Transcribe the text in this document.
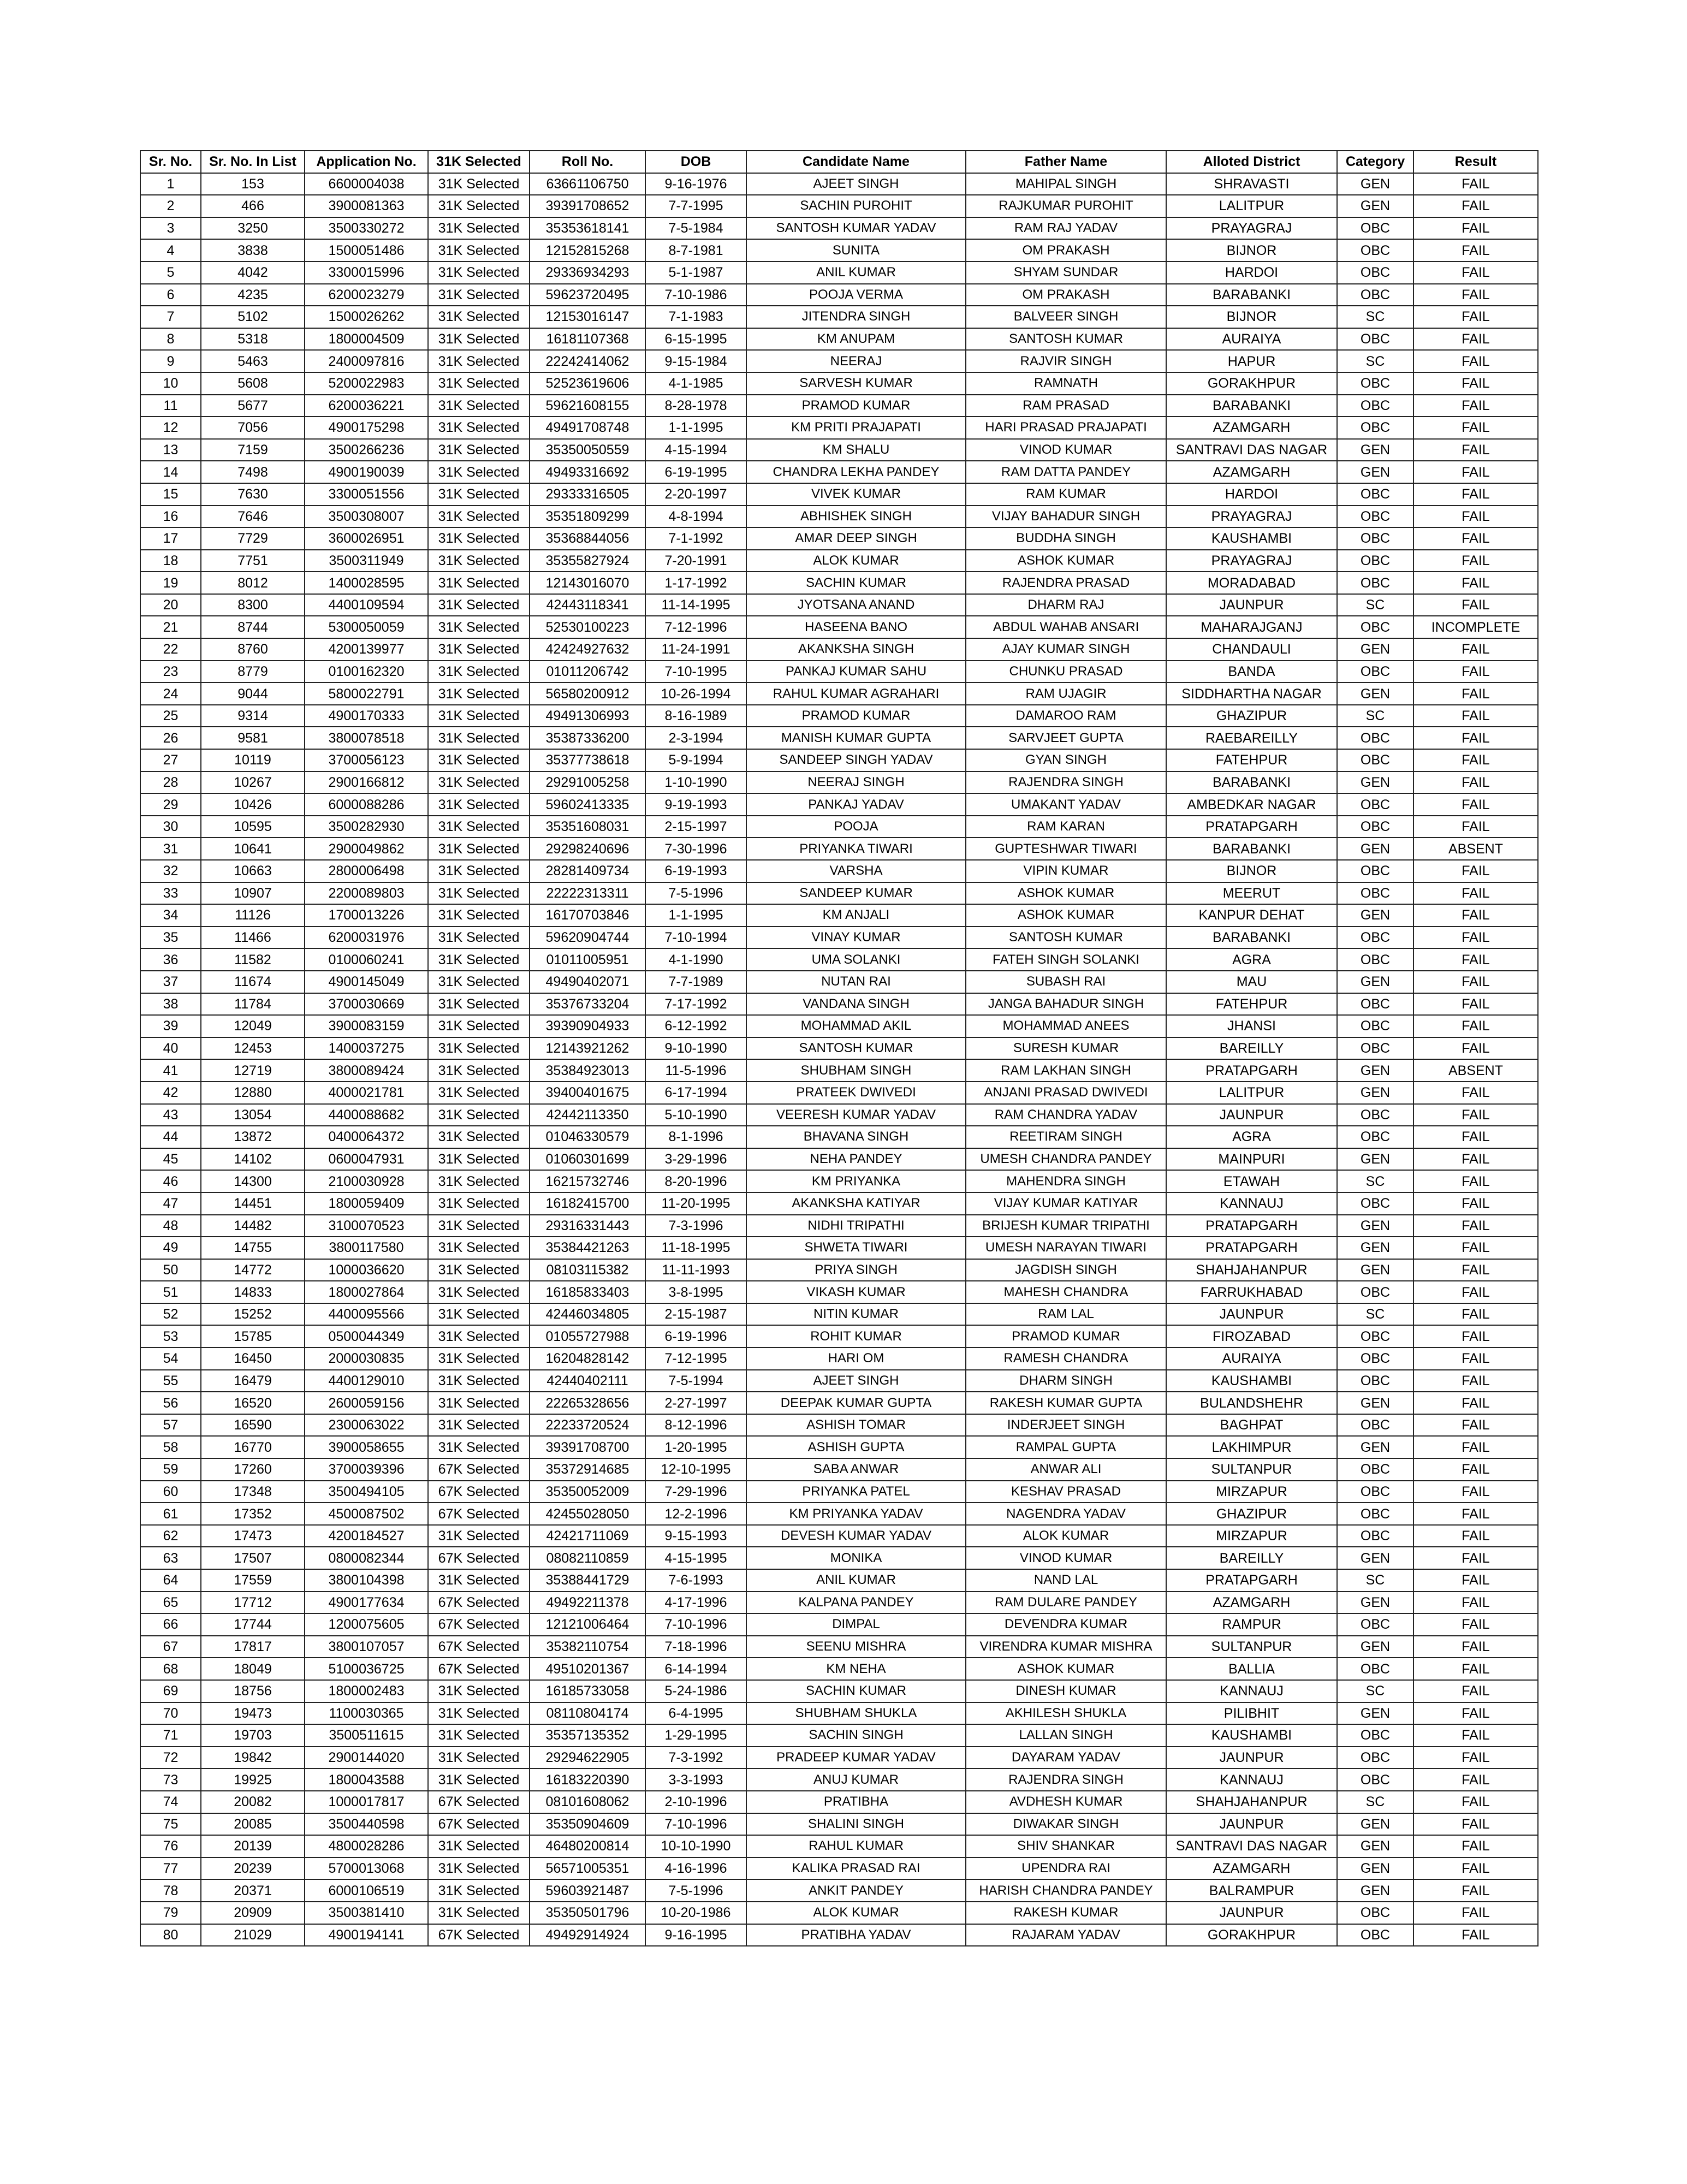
Sr. No.	Sr. No. In List	Application No.	31K Selected	Roll No.	DOB	Candidate Name	Father Name	Alloted District	Category	Result
1	153	6600004038	31K Selected	63661106750	9-16-1976	AJEET SINGH	MAHIPAL SINGH	SHRAVASTI	GEN	FAIL
2	466	3900081363	31K Selected	39391708652	7-7-1995	SACHIN PUROHIT	RAJKUMAR PUROHIT	LALITPUR	GEN	FAIL
3	3250	3500330272	31K Selected	35353618141	7-5-1984	SANTOSH KUMAR YADAV	RAM RAJ YADAV	PRAYAGRAJ	OBC	FAIL
4	3838	1500051486	31K Selected	12152815268	8-7-1981	SUNITA	OM PRAKASH	BIJNOR	OBC	FAIL
5	4042	3300015996	31K Selected	29336934293	5-1-1987	ANIL KUMAR	SHYAM SUNDAR	HARDOI	OBC	FAIL
6	4235	6200023279	31K Selected	59623720495	7-10-1986	POOJA VERMA	OM PRAKASH	BARABANKI	OBC	FAIL
7	5102	1500026262	31K Selected	12153016147	7-1-1983	JITENDRA SINGH	BALVEER SINGH	BIJNOR	SC	FAIL
8	5318	1800004509	31K Selected	16181107368	6-15-1995	KM ANUPAM	SANTOSH KUMAR	AURAIYA	OBC	FAIL
9	5463	2400097816	31K Selected	22242414062	9-15-1984	NEERAJ	RAJVIR SINGH	HAPUR	SC	FAIL
10	5608	5200022983	31K Selected	52523619606	4-1-1985	SARVESH KUMAR	RAMNATH	GORAKHPUR	OBC	FAIL
11	5677	6200036221	31K Selected	59621608155	8-28-1978	PRAMOD KUMAR	RAM PRASAD	BARABANKI	OBC	FAIL
12	7056	4900175298	31K Selected	49491708748	1-1-1995	KM PRITI PRAJAPATI	HARI PRASAD PRAJAPATI	AZAMGARH	OBC	FAIL
13	7159	3500266236	31K Selected	35350050559	4-15-1994	KM SHALU	VINOD KUMAR	SANTRAVI DAS NAGAR	GEN	FAIL
14	7498	4900190039	31K Selected	49493316692	6-19-1995	CHANDRA LEKHA PANDEY	RAM DATTA PANDEY	AZAMGARH	GEN	FAIL
15	7630	3300051556	31K Selected	29333316505	2-20-1997	VIVEK KUMAR	RAM KUMAR	HARDOI	OBC	FAIL
16	7646	3500308007	31K Selected	35351809299	4-8-1994	ABHISHEK SINGH	VIJAY BAHADUR SINGH	PRAYAGRAJ	OBC	FAIL
17	7729	3600026951	31K Selected	35368844056	7-1-1992	AMAR DEEP SINGH	BUDDHA SINGH	KAUSHAMBI	OBC	FAIL
18	7751	3500311949	31K Selected	35355827924	7-20-1991	ALOK KUMAR	ASHOK KUMAR	PRAYAGRAJ	OBC	FAIL
19	8012	1400028595	31K Selected	12143016070	1-17-1992	SACHIN KUMAR	RAJENDRA PRASAD	MORADABAD	OBC	FAIL
20	8300	4400109594	31K Selected	42443118341	11-14-1995	JYOTSANA ANAND	DHARM RAJ	JAUNPUR	SC	FAIL
21	8744	5300050059	31K Selected	52530100223	7-12-1996	HASEENA BANO	ABDUL WAHAB ANSARI	MAHARAJGANJ	OBC	INCOMPLETE
22	8760	4200139977	31K Selected	42424927632	11-24-1991	AKANKSHA SINGH	AJAY KUMAR SINGH	CHANDAULI	GEN	FAIL
23	8779	0100162320	31K Selected	01011206742	7-10-1995	PANKAJ KUMAR SAHU	CHUNKU PRASAD	BANDA	OBC	FAIL
24	9044	5800022791	31K Selected	56580200912	10-26-1994	RAHUL KUMAR AGRAHARI	RAM UJAGIR	SIDDHARTHA NAGAR	GEN	FAIL
25	9314	4900170333	31K Selected	49491306993	8-16-1989	PRAMOD KUMAR	DAMAROO RAM	GHAZIPUR	SC	FAIL
26	9581	3800078518	31K Selected	35387336200	2-3-1994	MANISH KUMAR GUPTA	SARVJEET GUPTA	RAEBAREILLY	OBC	FAIL
27	10119	3700056123	31K Selected	35377738618	5-9-1994	SANDEEP SINGH YADAV	GYAN SINGH	FATEHPUR	OBC	FAIL
28	10267	2900166812	31K Selected	29291005258	1-10-1990	NEERAJ SINGH	RAJENDRA SINGH	BARABANKI	GEN	FAIL
29	10426	6000088286	31K Selected	59602413335	9-19-1993	PANKAJ YADAV	UMAKANT YADAV	AMBEDKAR NAGAR	OBC	FAIL
30	10595	3500282930	31K Selected	35351608031	2-15-1997	POOJA	RAM KARAN	PRATAPGARH	OBC	FAIL
31	10641	2900049862	31K Selected	29298240696	7-30-1996	PRIYANKA TIWARI	GUPTESHWAR TIWARI	BARABANKI	GEN	ABSENT
32	10663	2800006498	31K Selected	28281409734	6-19-1993	VARSHA	VIPIN KUMAR	BIJNOR	OBC	FAIL
33	10907	2200089803	31K Selected	22222313311	7-5-1996	SANDEEP KUMAR	ASHOK KUMAR	MEERUT	OBC	FAIL
34	11126	1700013226	31K Selected	16170703846	1-1-1995	KM ANJALI	ASHOK KUMAR	KANPUR DEHAT	GEN	FAIL
35	11466	6200031976	31K Selected	59620904744	7-10-1994	VINAY KUMAR	SANTOSH KUMAR	BARABANKI	OBC	FAIL
36	11582	0100060241	31K Selected	01011005951	4-1-1990	UMA SOLANKI	FATEH SINGH SOLANKI	AGRA	OBC	FAIL
37	11674	4900145049	31K Selected	49490402071	7-7-1989	NUTAN RAI	SUBASH RAI	MAU	GEN	FAIL
38	11784	3700030669	31K Selected	35376733204	7-17-1992	VANDANA SINGH	JANGA BAHADUR SINGH	FATEHPUR	OBC	FAIL
39	12049	3900083159	31K Selected	39390904933	6-12-1992	MOHAMMAD AKIL	MOHAMMAD ANEES	JHANSI	OBC	FAIL
40	12453	1400037275	31K Selected	12143921262	9-10-1990	SANTOSH KUMAR	SURESH KUMAR	BAREILLY	OBC	FAIL
41	12719	3800089424	31K Selected	35384923013	11-5-1996	SHUBHAM SINGH	RAM LAKHAN SINGH	PRATAPGARH	GEN	ABSENT
42	12880	4000021781	31K Selected	39400401675	6-17-1994	PRATEEK DWIVEDI	ANJANI PRASAD DWIVEDI	LALITPUR	GEN	FAIL
43	13054	4400088682	31K Selected	42442113350	5-10-1990	VEERESH KUMAR YADAV	RAM CHANDRA YADAV	JAUNPUR	OBC	FAIL
44	13872	0400064372	31K Selected	01046330579	8-1-1996	BHAVANA SINGH	REETIRAM SINGH	AGRA	OBC	FAIL
45	14102	0600047931	31K Selected	01060301699	3-29-1996	NEHA PANDEY	UMESH CHANDRA PANDEY	MAINPURI	GEN	FAIL
46	14300	2100030928	31K Selected	16215732746	8-20-1996	KM PRIYANKA	MAHENDRA SINGH	ETAWAH	SC	FAIL
47	14451	1800059409	31K Selected	16182415700	11-20-1995	AKANKSHA KATIYAR	VIJAY KUMAR KATIYAR	KANNAUJ	OBC	FAIL
48	14482	3100070523	31K Selected	29316331443	7-3-1996	NIDHI TRIPATHI	BRIJESH KUMAR TRIPATHI	PRATAPGARH	GEN	FAIL
49	14755	3800117580	31K Selected	35384421263	11-18-1995	SHWETA TIWARI	UMESH NARAYAN TIWARI	PRATAPGARH	GEN	FAIL
50	14772	1000036620	31K Selected	08103115382	11-11-1993	PRIYA SINGH	JAGDISH SINGH	SHAHJAHANPUR	GEN	FAIL
51	14833	1800027864	31K Selected	16185833403	3-8-1995	VIKASH KUMAR	MAHESH CHANDRA	FARRUKHABAD	OBC	FAIL
52	15252	4400095566	31K Selected	42446034805	2-15-1987	NITIN KUMAR	RAM LAL	JAUNPUR	SC	FAIL
53	15785	0500044349	31K Selected	01055727988	6-19-1996	ROHIT KUMAR	PRAMOD KUMAR	FIROZABAD	OBC	FAIL
54	16450	2000030835	31K Selected	16204828142	7-12-1995	HARI OM	RAMESH CHANDRA	AURAIYA	OBC	FAIL
55	16479	4400129010	31K Selected	42440402111	7-5-1994	AJEET SINGH	DHARM SINGH	KAUSHAMBI	OBC	FAIL
56	16520	2600059156	31K Selected	22265328656	2-27-1997	DEEPAK KUMAR GUPTA	RAKESH KUMAR GUPTA	BULANDSHEHR	GEN	FAIL
57	16590	2300063022	31K Selected	22233720524	8-12-1996	ASHISH TOMAR	INDERJEET SINGH	BAGHPAT	OBC	FAIL
58	16770	3900058655	31K Selected	39391708700	1-20-1995	ASHISH GUPTA	RAMPAL GUPTA	LAKHIMPUR	GEN	FAIL
59	17260	3700039396	67K Selected	35372914685	12-10-1995	SABA ANWAR	ANWAR ALI	SULTANPUR	OBC	FAIL
60	17348	3500494105	67K Selected	35350052009	7-29-1996	PRIYANKA PATEL	KESHAV PRASAD	MIRZAPUR	OBC	FAIL
61	17352	4500087502	67K Selected	42455028050	12-2-1996	KM PRIYANKA YADAV	NAGENDRA YADAV	GHAZIPUR	OBC	FAIL
62	17473	4200184527	31K Selected	42421711069	9-15-1993	DEVESH KUMAR YADAV	ALOK KUMAR	MIRZAPUR	OBC	FAIL
63	17507	0800082344	67K Selected	08082110859	4-15-1995	MONIKA	VINOD KUMAR	BAREILLY	GEN	FAIL
64	17559	3800104398	31K Selected	35388441729	7-6-1993	ANIL KUMAR	NAND LAL	PRATAPGARH	SC	FAIL
65	17712	4900177634	67K Selected	49492211378	4-17-1996	KALPANA PANDEY	RAM DULARE PANDEY	AZAMGARH	GEN	FAIL
66	17744	1200075605	67K Selected	12121006464	7-10-1996	DIMPAL	DEVENDRA KUMAR	RAMPUR	OBC	FAIL
67	17817	3800107057	67K Selected	35382110754	7-18-1996	SEENU MISHRA	VIRENDRA KUMAR MISHRA	SULTANPUR	GEN	FAIL
68	18049	5100036725	67K Selected	49510201367	6-14-1994	KM NEHA	ASHOK KUMAR	BALLIA	OBC	FAIL
69	18756	1800002483	31K Selected	16185733058	5-24-1986	SACHIN KUMAR	DINESH KUMAR	KANNAUJ	SC	FAIL
70	19473	1100030365	31K Selected	08110804174	6-4-1995	SHUBHAM SHUKLA	AKHILESH SHUKLA	PILIBHIT	GEN	FAIL
71	19703	3500511615	31K Selected	35357135352	1-29-1995	SACHIN SINGH	LALLAN SINGH	KAUSHAMBI	OBC	FAIL
72	19842	2900144020	31K Selected	29294622905	7-3-1992	PRADEEP KUMAR YADAV	DAYARAM YADAV	JAUNPUR	OBC	FAIL
73	19925	1800043588	31K Selected	16183220390	3-3-1993	ANUJ KUMAR	RAJENDRA SINGH	KANNAUJ	OBC	FAIL
74	20082	1000017817	67K Selected	08101608062	2-10-1996	PRATIBHA	AVDHESH KUMAR	SHAHJAHANPUR	SC	FAIL
75	20085	3500440598	67K Selected	35350904609	7-10-1996	SHALINI SINGH	DIWAKAR SINGH	JAUNPUR	GEN	FAIL
76	20139	4800028286	31K Selected	46480200814	10-10-1990	RAHUL KUMAR	SHIV SHANKAR	SANTRAVI DAS NAGAR	GEN	FAIL
77	20239	5700013068	31K Selected	56571005351	4-16-1996	KALIKA PRASAD RAI	UPENDRA RAI	AZAMGARH	GEN	FAIL
78	20371	6000106519	31K Selected	59603921487	7-5-1996	ANKIT PANDEY	HARISH CHANDRA PANDEY	BALRAMPUR	GEN	FAIL
79	20909	3500381410	31K Selected	35350501796	10-20-1986	ALOK KUMAR	RAKESH KUMAR	JAUNPUR	OBC	FAIL
80	21029	4900194141	67K Selected	49492914924	9-16-1995	PRATIBHA YADAV	RAJARAM YADAV	GORAKHPUR	OBC	FAIL
